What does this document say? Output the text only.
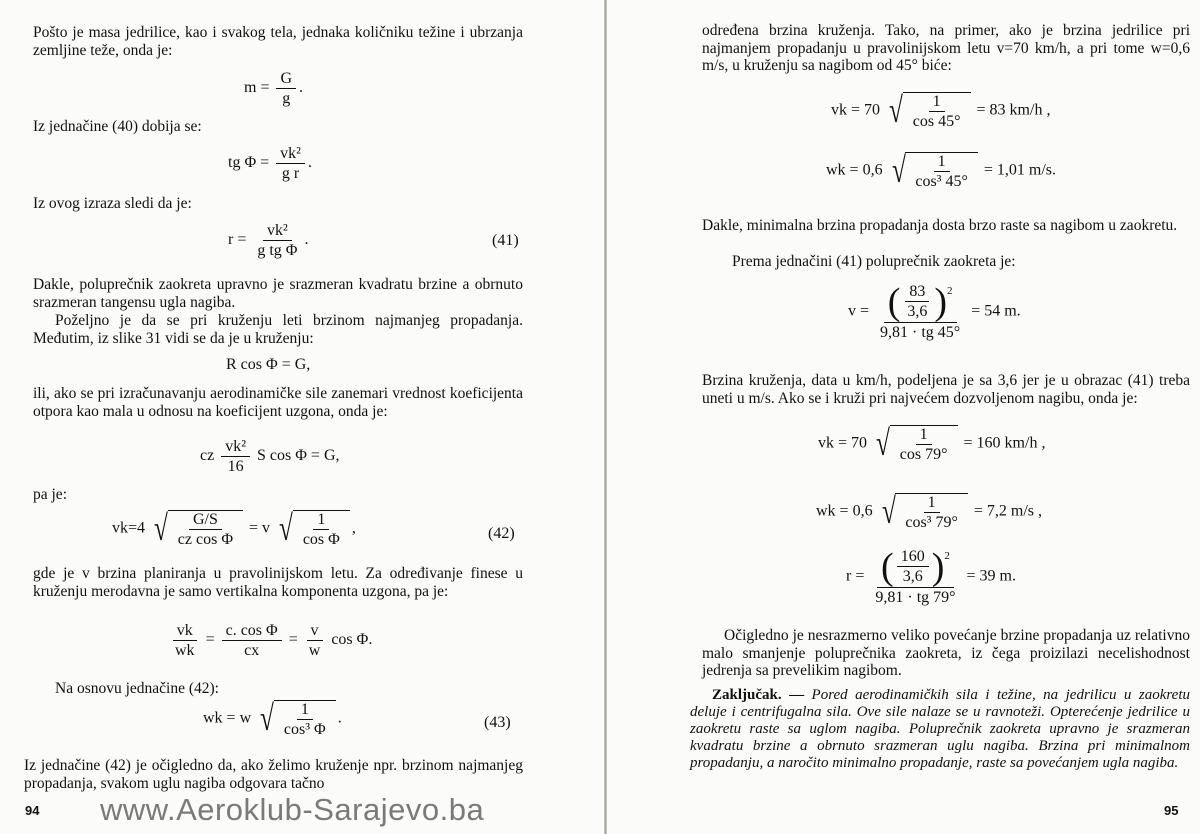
Pošto je masa jedrilice, kao i svakog tela, jednaka količniku težine i ubrzanja zemljine teže, onda je:
$m = \frac{G}{g}$ .
Iz jednačine (40) dobija se:
tg $\Phi = \frac{\text{vk²}}{\text{g r}}$ .
Iz ovog izraza sledi da je:
$r = \frac{\text{vk²}}{\text{g tg Φ}}$ .	(41)
Dakle, poluprečnik zaokreta upravno je srazmeran kvadratu brzine a obrnuto srazmeran tangensu ugla nagiba.
Poželjno je da se pri kruženju leti brzinom najmanjeg propadanja. Međutim, iz slike 31 vidi se da je u kruženju:
R cos Φ = G,
ili, ako se pri izračunavanju aerodinamičke sile zanemari vrednost koeficijenta otpora kao mala u odnosu na koeficijent uzgona, onda je:
cz $\frac{\text{vk²}}{16}$ S cos Φ = G,
pa je:
vk=4 √ $\frac{G/S}{\text{cz cos Φ}} = v$ √ $\frac{1}{\text{cos Φ}}$ ,	(42)
gde je v brzina planiranja u pravolinijskom letu. Za određivanje finese u kruženju merodavna je samo vertikalna komponenta uzgona, pa je:
$\frac{vk}{wk} = \frac{\text{c. cos Φ}}{cx} = \frac{v}{w}$ cos Φ.
Na osnovu jednačine (42):
wk = w √ $\frac{1}{\text{cos³ Φ}}$ .	(43)
Iz jednačine (42) je očigledno da, ako želimo kruženje npr. brzinom najmanjeg propadanja, svakom uglu nagiba odgovara tačno
94 www.Aeroklub-Sarajevo.ba
određena brzina kruženja. Tako, na primer, ako je brzina jedrilice pri najmanjem propadanju u pravolinijskom letu v=70 km/h, a pri tome w=0,6 m/s, u kruženju sa nagibom od 45° biće:
vk = 70 √ $\frac{1}{\cos 45^\circ} = 83$ km/h ,
wk = 0,6 √ $\frac{1}{\text{cos³ 45°}} = 1,01$ m/s.
Dakle, minimalna brzina propadanja dosta brzo raste sa nagibom u zaokretu.
Prema jednačini (41) poluprečnik zaokreta je:
$v = \frac{( \frac{83}{3,6} ) 2}{9,81 \cdot tg 45^\circ} = 54$ m.
Brzina kruženja, data u km/h, podeljena je sa 3,6 jer je u obrazac (41) treba uneti u m/s. Ako se i kruži pri najvećem dozvoljenom nagibu, onda je:
vk = 70 √ $\frac{1}{\cos 79^\circ} = 160$ km/h ,
wk = 0,6 √ $\frac{1}{\text{cos³ 79°}} = 7,2$ m/s ,
$r = \frac{( \frac{160}{3,6} ) 2}{9,81 \cdot tg 79^\circ} = 39$ m.
Očigledno je nesrazmerno veliko povećanje brzine propadanja uz relativno malo smanjenje poluprečnika zaokreta, iz čega proizilazi necelishodnost jedrenja sa prevelikim nagibom.
Zaključak. — Pored aerodinamičkih sila i težine, na jedrilicu u zaokretu deluje i centrifugalna sila. Ove sile nalaze se u ravnoteži. Opterećenje jedrilice u zaokretu raste sa uglom nagiba. Poluprečnik zaokreta upravno je srazmeran kvadratu brzine a obrnuto srazmeran uglu nagiba. Brzina pri minimalnom propadanju, a naročito minimalno propadanje, raste sa povećanjem ugla nagiba.
95
